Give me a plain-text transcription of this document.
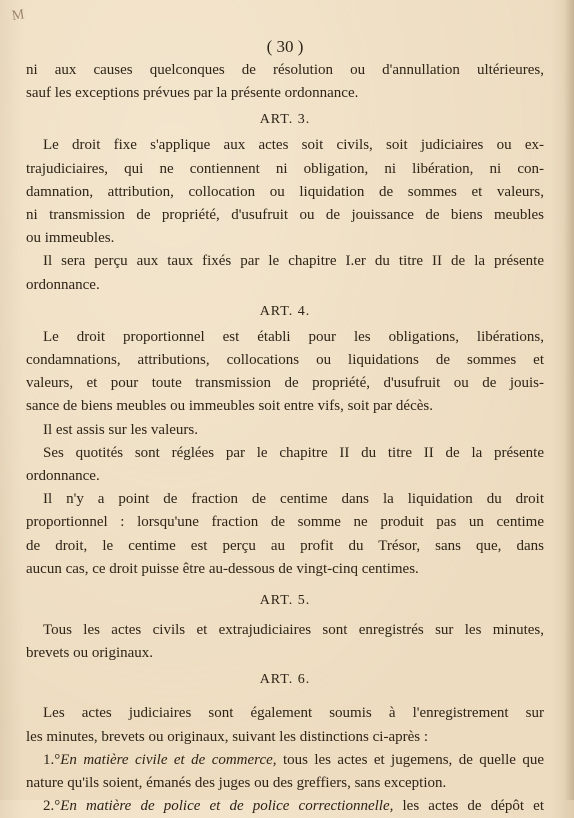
M
( 30 )
ni aux causes quelconques de résolution ou d'annullation ultérieures,
sauf les exceptions prévues par la présente ordonnance.
ART. 3.
Le droit fixe s'applique aux actes soit civils, soit judiciaires ou ex-
trajudiciaires, qui ne contiennent ni obligation, ni libération, ni con-
damnation, attribution, collocation ou liquidation de sommes et valeurs,
ni transmission de propriété, d'usufruit ou de jouissance de biens meubles
ou immeubles.
Il sera perçu aux taux fixés par le chapitre I.er du titre II de la présente
ordonnance.
ART. 4.
Le droit proportionnel est établi pour les obligations, libérations,
condamnations, attributions, collocations ou liquidations de sommes et
valeurs, et pour toute transmission de propriété, d'usufruit ou de jouis-
sance de biens meubles ou immeubles soit entre vifs, soit par décès.
Il est assis sur les valeurs.
Ses quotités sont réglées par le chapitre II du titre II de la présente
ordonnance.
Il n'y a point de fraction de centime dans la liquidation du droit
proportionnel : lorsqu'une fraction de somme ne produit pas un centime
de droit, le centime est perçu au profit du Trésor, sans que, dans
aucun cas, ce droit puisse être au-dessous de vingt-cinq centimes.
ART. 5.
Tous les actes civils et extrajudiciaires sont enregistrés sur les minutes,
brevets ou originaux.
ART. 6.
Les actes judiciaires sont également soumis à l'enregistrement sur
les minutes, brevets ou originaux, suivant les distinctions ci-après :
1.°En matière civile et de commerce, tous les actes et jugemens, de quelle que
nature qu'ils soient, émanés des juges ou des greffiers, sans exception.
2.°En matière de police et de police correctionnelle, les actes de dépôt et
